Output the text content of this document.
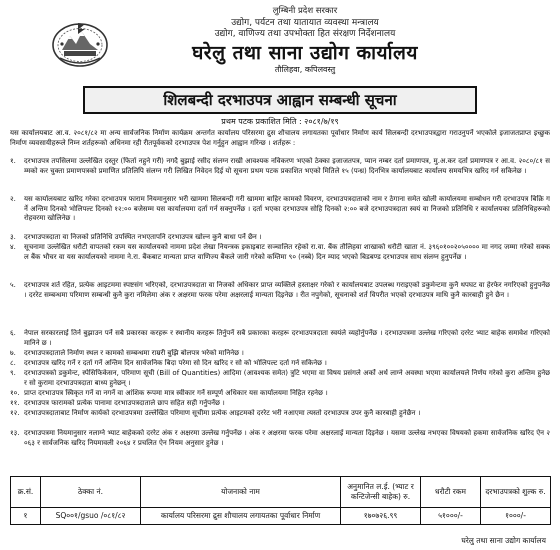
लुम्बिनी प्रदेश सरकार
उद्योग, पर्यटन तथा यातायात व्यवस्था मन्त्रालय
उद्योग, वाणिज्य तथा उपभोक्ता हित संरक्षण निर्देशनालय
घरेलु तथा साना उद्योग कार्यालय
तौलिहवा, कपिलवस्तु
शिलबन्दी दरभाउपत्र आह्वान सम्बन्धी सूचना
प्रथम पटक प्रकाशित मिति : २०८१/७/१९
यस कार्यालयबाट आ.व. २०८१/८२ मा अन्य सार्वजनिक निर्माण कार्यक्रम अन्तर्गत कार्यालय परिसरमा द्रुस शौचालय लगायतका पूर्वाधार निर्माण कार्य सिलबन्दी दरभाउपत्रद्वारा गराउनुपर्ने भएकोले इजाजतप्राप्त इच्छुक निर्माण व्यवसायीहरूले निम्न शर्तहरूको अधिनमा रही रीतपूर्वकको दरभाउपत्र पेश गर्नुहुन आह्वान गरिन्छ । शर्तहरू :
१.	दरभाउपत्र तपसिलमा उल्लेखित दस्तुर (फिर्ता नहुने गरी) नगदै बुझाई रसीद संलग्न राखी आवश्यक नविकरण भएको ठेक्का इजाजतपत्र, प्यान नम्बर दर्ता प्रमाणपत्र, मु.अ.कर दर्ता प्रमाणपत्र र आ.व. २०८०/८१ सम्मको कर चुक्ता प्रमाणपत्रको प्रमाणित प्रतिलिपि संलग्न गरी लिखित निवेदन दिई यो सूचना प्रथम पटक प्रकाशित भएको मितिले १५ (पन्ध्र) दिनभित्र कार्यालयबाट कार्यालय समयभित्र खरिद गर्न सकिनेछ ।
२.	यस कार्यालयबाट खरिद गरेका दरभाउपत्र फाराम नियमानुसार भरी खाममा सिलबन्दी गरी खाममा बाहिर कामको विवरण, दरभाउपत्रदाताको नाम र ठेगाना समेत खोली कार्यालयमा सम्बोधन गरी दरभाउपत्र बिक्रि गर्ने अन्तिम दिनको भोलिपल्ट दिनको १२:०० बजेसम्म यस कार्यालयमा दर्ता गर्न सक्नुपर्नेछ । दर्ता भएका दरभाउपत्र सोहि दिनको २:०० बजे दरभाउपत्रदाता स्वयं वा निजको प्रतिनिधि र कार्यालयका प्रतिनिधिहरूको रोहवरमा खोलिनेछ ।
३.	दरभाउपत्रदाता वा निजको प्रतिनिधि उपस्थित नभएतापनि दरभाउपत्र खोल्न कुनै बाधा पर्ने छैन ।
४.	सूचनामा उल्लेखित धरौटी वापतको रकम यस कार्यालयको नाममा प्रदेश लेखा नियन्त्रक इकाइबाट सञ्चालित रहेको रा.वा. बैंक तौलिहवा शाखाको धरौटी खाता नं. ३९६०१००२०५०००० मा नगद जम्मा गरेको सक्कल बैंक भौचर वा यस कार्यालयको नाममा ने.रा. बैंकबाट मान्यता प्राप्त वाणिज्य बैंकले जारी गरेको कम्तिमा ९० (नब्बे) दिन म्याद भएको बिडबण्ड दरभाउपत्र साथ संलग्न हुनुपर्नेछ ।
५.	दरभाउपत्र शर्त रहित, प्रत्येक आइटममा स्पष्टसंग भरिएको, दरभाउपत्रदाता वा निजको अधिकार प्राप्त व्यक्तिले हस्ताक्षर गरेको र कार्यालयबाट उपलब्ध गराइएको डकुमेन्टमा कुनै थपघट वा हेरफेर नगरिएको हुनुपर्नेछ । दररेट सम्बन्धमा परिमाण सम्बन्धी कुनै कुरा नमिलेमा अंक र अक्षरमा फरक परेमा अक्षरलाई मान्यता दिइनेछ । रीत नपुगेको, सूचनाको शर्त विपरीत भएको दरभाउपत्र माथि कुनै कारबाही हुने छैन ।
६.	नेपाल सरकारलाई तिर्न बुझाउन पर्ने सबै प्रकारका करहरू र स्थानीय करहरू तिर्नुपर्ने सबै प्रकारका करहरू दरभाउपत्रदाता स्वयंले व्यहोर्नुपर्नेछ । दरभाउपत्रमा उल्लेख गरिएको दररेट भ्याट बाहेक समावेश गरिएको मानिने छ ।
७.	दरभाउपत्रदाताले निर्माण स्थल र कामको सम्बन्धमा राम्ररी बुझि बोलपत्र भरेको मानिनेछ ।
८.	दरभाउपत्र खरिद गर्ने र दर्ता गर्ने अन्तिम दिन सार्वजनिक बिदा परेमा सो दिन खरिद र सो को भोलिपल्ट दर्ता गर्न सकिनेछ ।
९.	दरभाउपत्रको डकुमेन्ट, स्पेसिफिकेसन, परिमाण सूची (Bill of Quantities) आदिमा (आवश्यक समेत) त्रुटि भएमा वा विषय प्रसंगले अर्को अर्थ लाग्ने अवस्था भएमा कार्यालयले निर्णय गरेको कुरा अन्तिम हुनेछ र सो कुरामा दरभाउपत्रदाता बाध्य हुनेछन् ।
१०. प्राप्त दरभाउपत्र स्विकृत गर्ने वा नगर्ने वा आंशिक रूपमा मात्र स्वीकार गर्ने सम्पूर्ण अधिकार यस कार्यालयमा निहित रहनेछ ।
११. दरभाउपत्र फारामको प्रत्येक पानामा दरभाउपत्रदाताले छाप सहित सही गर्नुपर्नेछ ।
१२. दरभाउपत्रदाताबाट निर्माण कार्यको दरभाउपत्रमा उल्लेखित परिमाण सूचीमा प्रत्येक आइटमको दररेट भरी नआएमा त्यस्तो दरभाउपत्र उपर कुनै कारबाही हुनेछैन ।
१३. दरभाउपत्रमा नियमानुसार नलाग्ने भ्याट बाहेकको दररेट अंक र अक्षरमा उल्लेख गर्नुपर्नेछ । अंक र अक्षरमा फरक परेमा अक्षरलाई मान्यता दिइनेछ । यसमा उल्लेख नभएका विषयको हकमा सार्वजनिक खरिद ऐन २०६३ र सार्वजनिक खरिद नियमावली २०६४ र प्रचलित ऐन नियम अनुसार हुनेछ ।
क्र.सं.	ठेक्का नं.	योजनाको नाम	अनुमानित ल.ई. (भ्याट र कन्टिजेन्सी बाहेक) रु.	धरौटी रकम	दरभाउपत्रको शुल्क रु.
१	SQ००१/gsuo /०८१/८२	कार्यालय परिसरमा द्रुस शौचालय लगायतका पूर्वाधार निर्माण	१७०७२६.९९	५१०००/-	१०००/-
घरेलु तथा साना उद्योग कार्यालय
